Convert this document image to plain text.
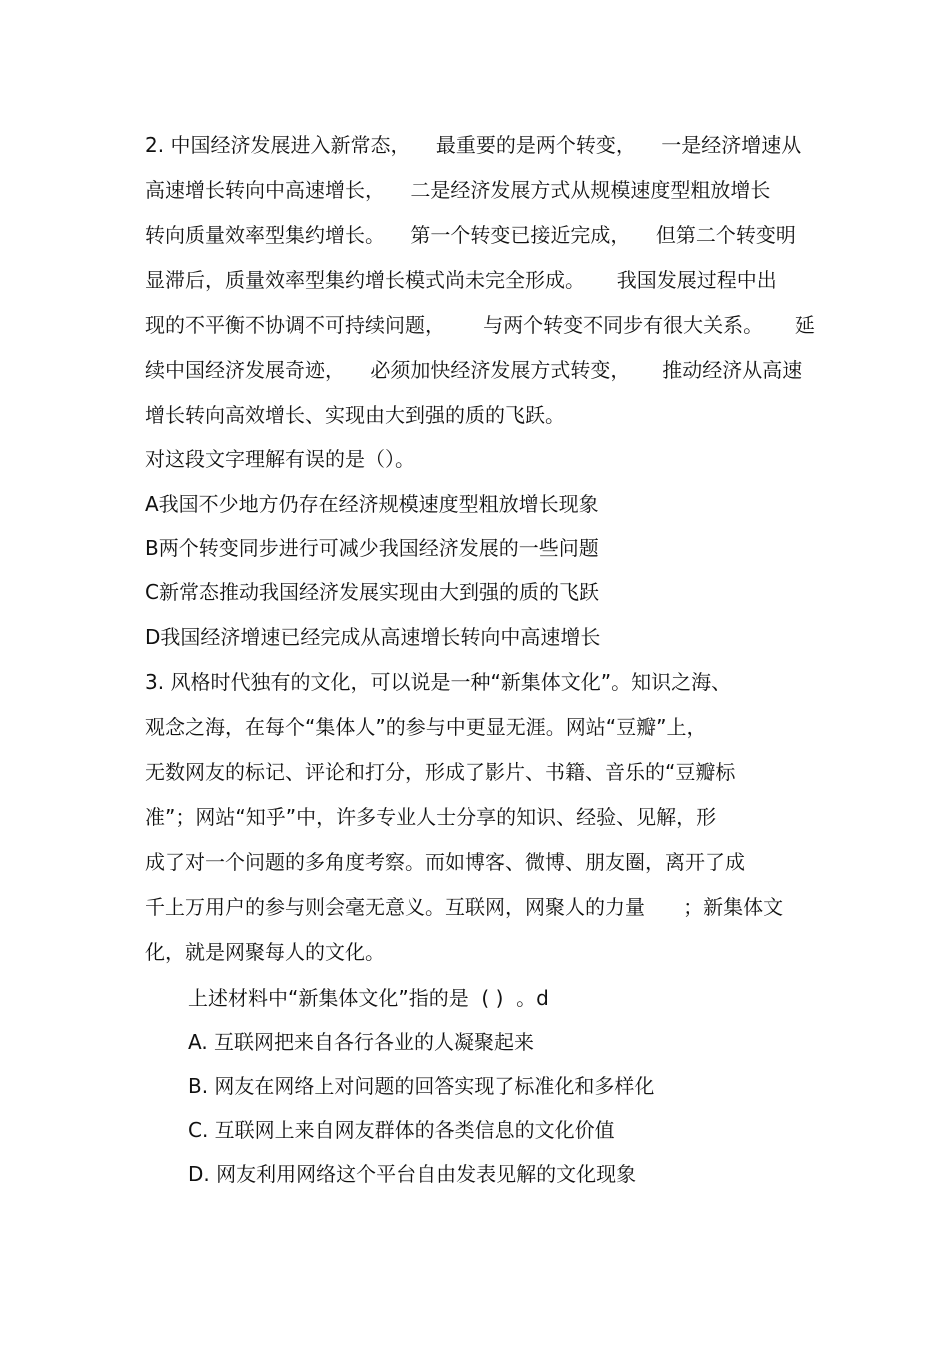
2. 中国经济发展进入新常态，    最重要的是两个转变，    一是经济增速从

高速增长转向中高速增长，    二是经济发展方式从规模速度型粗放增长

转向质量效率型集约增长。    第一个转变已接近完成，    但第二个转变明

显滞后，质量效率型集约增长模式尚未完全形成。     我国发展过程中出

现的不平衡不协调不可持续问题，      与两个转变不同步有很大关系。     延

续中国经济发展奇迹，    必须加快经济发展方式转变，     推动经济从高速

增长转向高效增长、实现由大到强的质的飞跃。

对这段文字理解有误的是（）。

A我国不少地方仍存在经济规模速度型粗放增长现象

B两个转变同步进行可减少我国经济发展的一些问题

C新常态推动我国经济发展实现由大到强的质的飞跃

D我国经济增速已经完成从高速增长转向中高速增长

3. 风格时代独有的文化，可以说是一种“新集体文化”。知识之海、

观念之海，在每个“集体人”的参与中更显无涯。网站“豆瓣”上，

无数网友的标记、评论和打分，形成了影片、书籍、音乐的“豆瓣标

准”；网站“知乎”中，许多专业人士分享的知识、经验、见解，形

成了对一个问题的多角度考察。而如博客、微博、朋友圈，离开了成

千上万用户的参与则会毫无意义。互联网，网聚人的力量      ；新集体文

化，就是网聚每人的文化。

上述材料中“新集体文化”指的是  ( )  。d

A. 互联网把来自各行各业的人凝聚起来

B. 网友在网络上对问题的回答实现了标准化和多样化

C. 互联网上来自网友群体的各类信息的文化价值

D. 网友利用网络这个平台自由发表见解的文化现象
